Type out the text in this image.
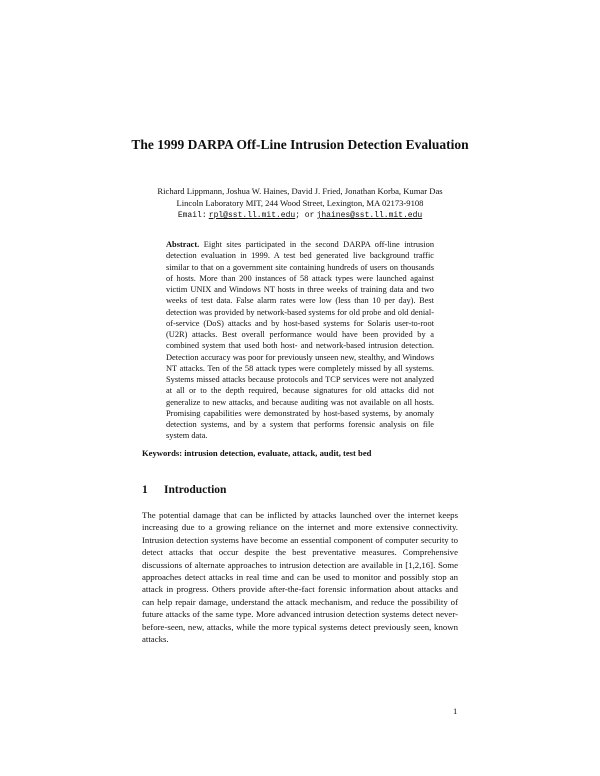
The 1999 DARPA Off-Line Intrusion Detection Evaluation
Richard Lippmann, Joshua W. Haines, David J. Fried, Jonathan Korba, Kumar Das
Lincoln Laboratory MIT, 244 Wood Street, Lexington, MA 02173-9108
Email: rpl@sst.ll.mit.edu; or jhaines@sst.ll.mit.edu
Abstract. Eight sites participated in the second DARPA off-line intrusion detection evaluation in 1999. A test bed generated live background traffic similar to that on a government site containing hundreds of users on thousands of hosts. More than 200 instances of 58 attack types were launched against victim UNIX and Windows NT hosts in three weeks of training data and two weeks of test data. False alarm rates were low (less than 10 per day). Best detection was provided by network-based systems for old probe and old denial-of-service (DoS) attacks and by host-based systems for Solaris user-to-root (U2R) attacks. Best overall performance would have been provided by a combined system that used both host- and network-based intrusion detection. Detection accuracy was poor for previously unseen new, stealthy, and Windows NT attacks. Ten of the 58 attack types were completely missed by all systems. Systems missed attacks because protocols and TCP services were not analyzed at all or to the depth required, because signatures for old attacks did not generalize to new attacks, and because auditing was not available on all hosts. Promising capabilities were demonstrated by host-based systems, by anomaly detection systems, and by a system that performs forensic analysis on file system data.
Keywords: intrusion detection, evaluate, attack, audit, test bed
1 Introduction
The potential damage that can be inflicted by attacks launched over the internet keeps increasing due to a growing reliance on the internet and more extensive connectivity. Intrusion detection systems have become an essential component of computer security to detect attacks that occur despite the best preventative measures. Comprehensive discussions of alternate approaches to intrusion detection are available in [1,2,16]. Some approaches detect attacks in real time and can be used to monitor and possibly stop an attack in progress. Others provide after-the-fact forensic information about attacks and can help repair damage, understand the attack mechanism, and reduce the possibility of future attacks of the same type. More advanced intrusion detection systems detect never-before-seen, new, attacks, while the more typical systems detect previously seen, known attacks.
1
